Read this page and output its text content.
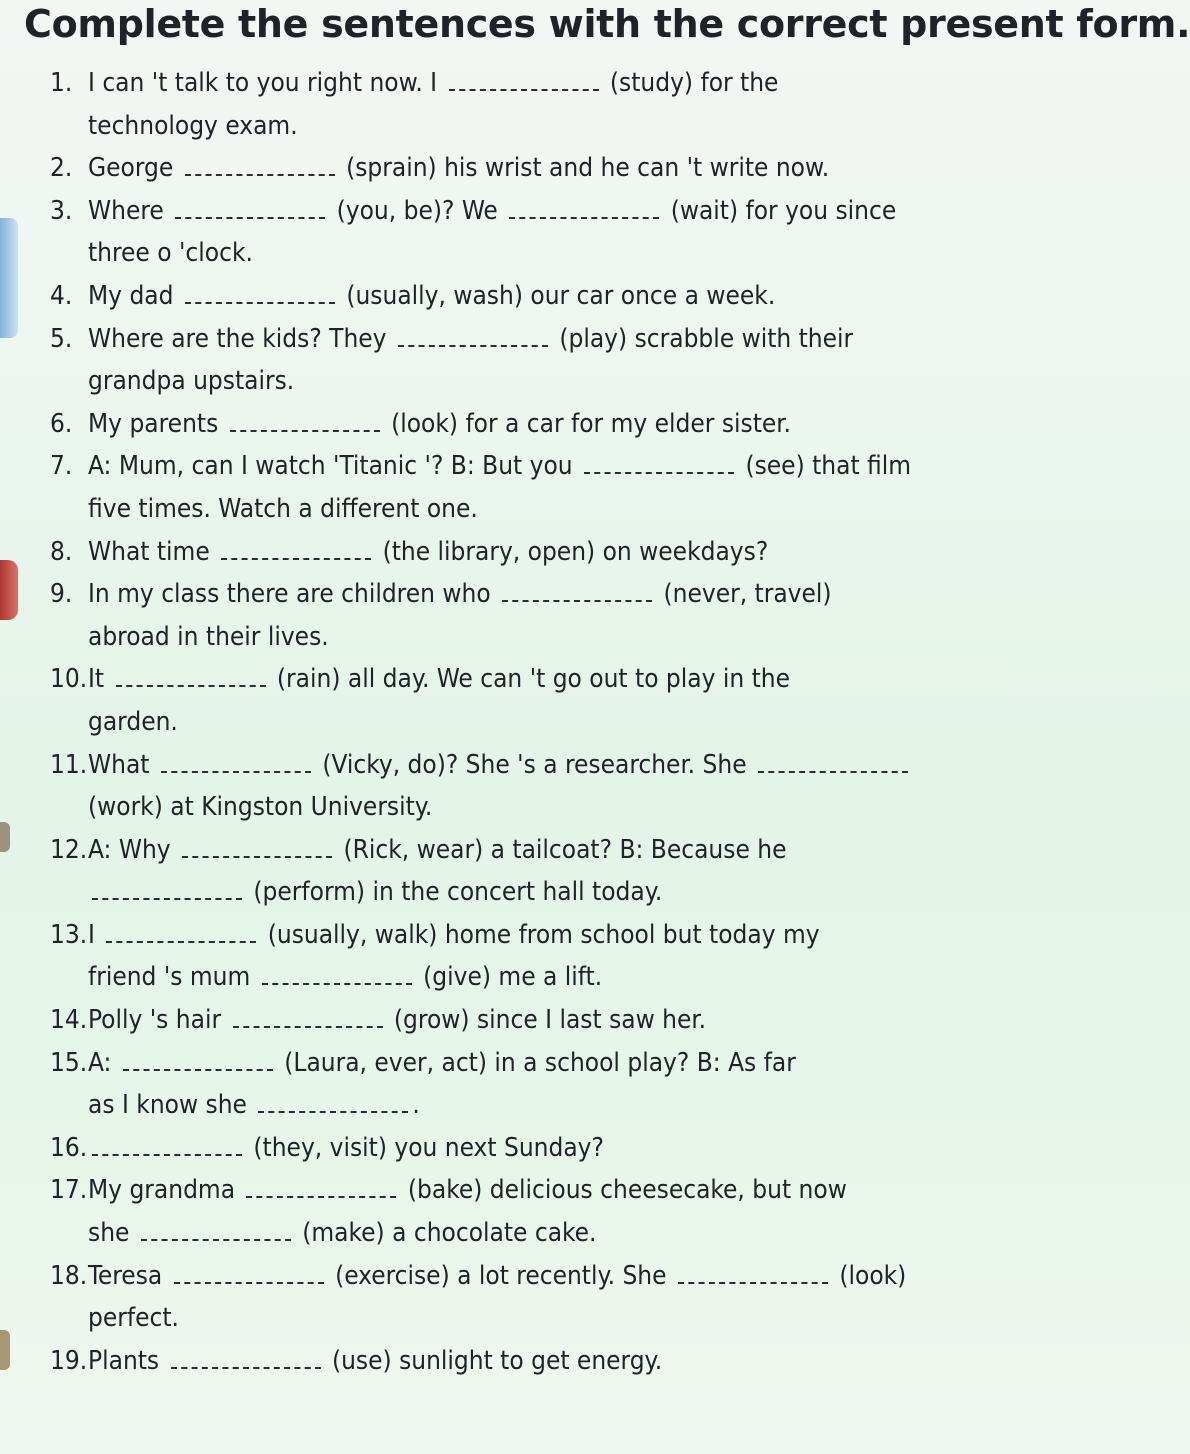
Complete the sentences with the correct present form.
1. I can 't talk to you right now. I	(study) for the
technology exam.
2. George	(sprain) his wrist and he can 't write now.
3. Where	(you, be)? We	(wait) for you since
three o 'clock.
4. My dad	(usually, wash) our car once a week.
5. Where are the kids? They	(play) scrabble with their
grandpa upstairs.
6. My parents	(look) for a car for my elder sister.
7. A: Mum, can I watch 'Titanic '? B: But you	(see) that film
five times. Watch a different one.
8. What time	(the library, open) on weekdays?
9. In my class there are children who	(never, travel)
abroad in their lives.
10. It	(rain) all day. We can 't go out to play in the
garden.
11. What	(Vicky, do)? She 's a researcher. She
(work) at Kingston University.
12. A: Why	(Rick, wear) a tailcoat? B: Because he
(perform) in the concert hall today.
13. I	(usually, walk) home from school but today my
friend 's mum	(give) me a lift.
14. Polly 's hair	(grow) since I last saw her.
15. A:	(Laura, ever, act) in a school play? B: As far
as I know she	.
16.	(they, visit) you next Sunday?
17. My grandma	(bake) delicious cheesecake, but now
she	(make) a chocolate cake.
18. Teresa	(exercise) a lot recently. She	(look)
perfect.
19. Plants	(use) sunlight to get energy.
